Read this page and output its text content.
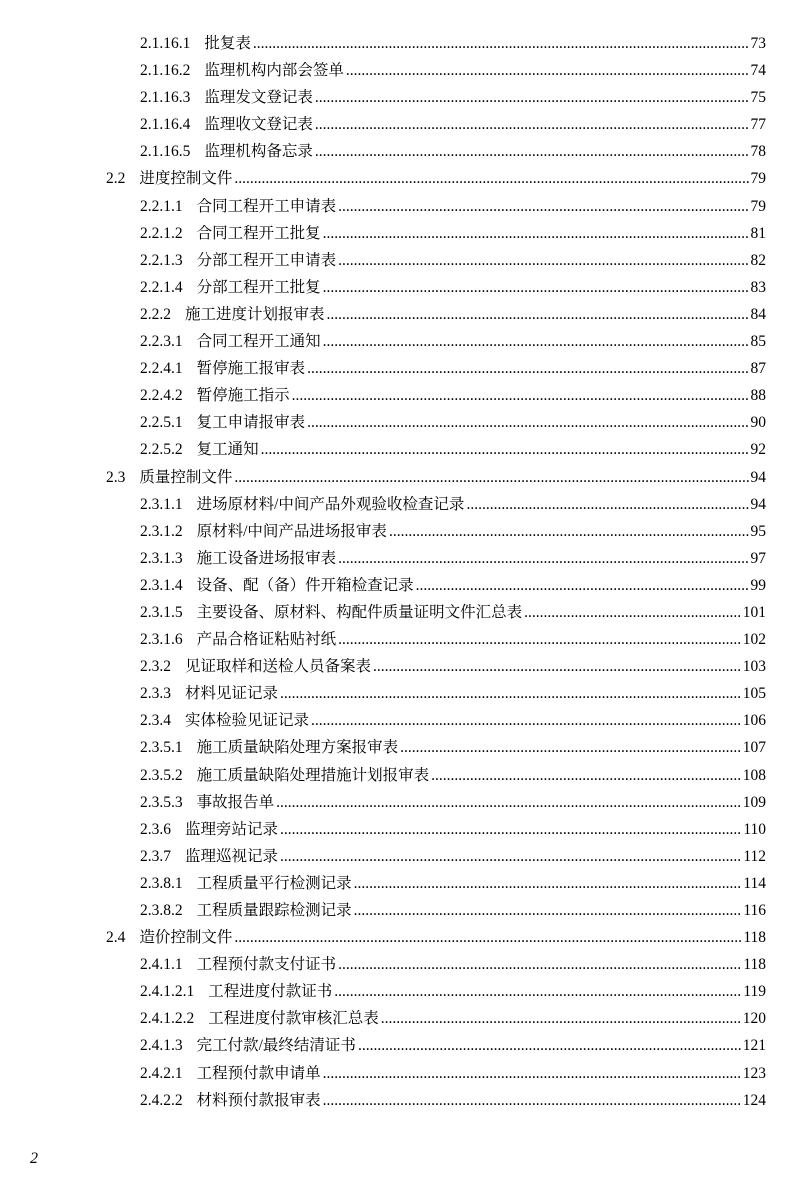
2.1.16.1 批复表 .....	73
2.1.16.2 监理机构内部会签单 .....	74
2.1.16.3 监理发文登记表 .....	75
2.1.16.4 监理收文登记表 .....	77
2.1.16.5 监理机构备忘录 .....	78
2.2 进度控制文件 .....	79
2.2.1.1 合同工程开工申请表 .....	79
2.2.1.2 合同工程开工批复 .....	81
2.2.1.3 分部工程开工申请表 .....	82
2.2.1.4 分部工程开工批复 .....	83
2.2.2 施工进度计划报审表 .....	84
2.2.3.1 合同工程开工通知 .....	85
2.2.4.1 暂停施工报审表 .....	87
2.2.4.2 暂停施工指示 .....	88
2.2.5.1 复工申请报审表 .....	90
2.2.5.2 复工通知 .....	92
2.3 质量控制文件 .....	94
2.3.1.1 进场原材料/中间产品外观验收检查记录 .....	94
2.3.1.2 原材料/中间产品进场报审表 .....	95
2.3.1.3 施工设备进场报审表 .....	97
2.3.1.4 设备、配（备）件开箱检查记录 .....	99
2.3.1.5 主要设备、原材料、构配件质量证明文件汇总表 .....	101
2.3.1.6 产品合格证粘贴衬纸 .....	102
2.3.2 见证取样和送检人员备案表 .....	103
2.3.3 材料见证记录 .....	105
2.3.4 实体检验见证记录 .....	106
2.3.5.1 施工质量缺陷处理方案报审表 .....	107
2.3.5.2 施工质量缺陷处理措施计划报审表 .....	108
2.3.5.3 事故报告单 .....	109
2.3.6 监理旁站记录 .....	110
2.3.7 监理巡视记录 .....	112
2.3.8.1 工程质量平行检测记录 .....	114
2.3.8.2 工程质量跟踪检测记录 .....	116
2.4 造价控制文件 .....	118
2.4.1.1 工程预付款支付证书 .....	118
2.4.1.2.1 工程进度付款证书 .....	119
2.4.1.2.2 工程进度付款审核汇总表 .....	120
2.4.1.3 完工付款/最终结清证书 .....	121
2.4.2.1 工程预付款申请单 .....	123
2.4.2.2 材料预付款报审表 .....	124
2
